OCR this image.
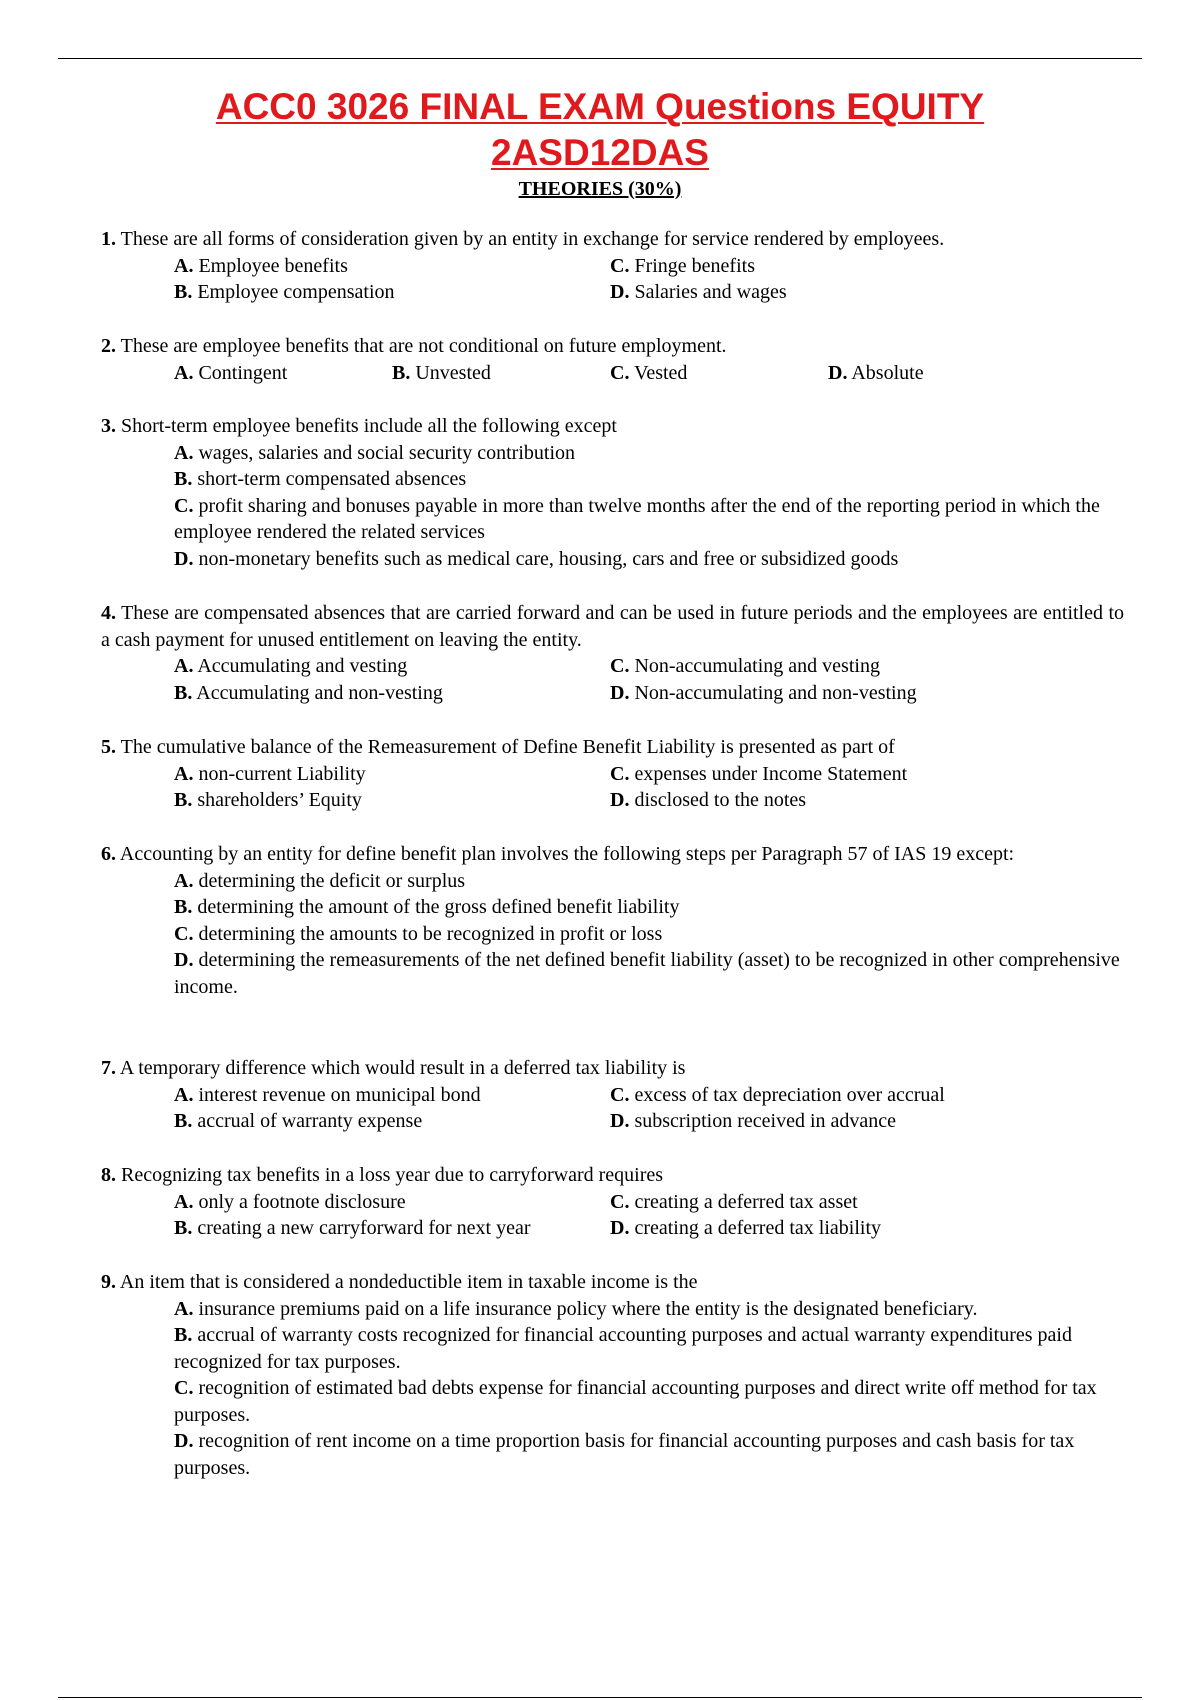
ACC0 3026 FINAL EXAM Questions EQUITY
2ASD12DAS
THEORIES (30%)
1. These are all forms of consideration given by an entity in exchange for service rendered by employees.
A. Employee benefits	C. Fringe benefits
B. Employee compensation	D. Salaries and wages
2. These are employee benefits that are not conditional on future employment.
A. Contingent	B. Unvested	C. Vested	D. Absolute
3. Short-term employee benefits include all the following except
A. wages, salaries and social security contribution
B. short-term compensated absences
C. profit sharing and bonuses payable in more than twelve months after the end of the reporting period in which the employee rendered the related services
D. non-monetary benefits such as medical care, housing, cars and free or subsidized goods
4. These are compensated absences that are carried forward and can be used in future periods and the employees are entitled to a cash payment for unused entitlement on leaving the entity.
A. Accumulating and vesting	C. Non-accumulating and vesting
B. Accumulating and non-vesting	D. Non-accumulating and non-vesting
5. The cumulative balance of the Remeasurement of Define Benefit Liability is presented as part of
A. non-current Liability	C. expenses under Income Statement
B. shareholders’ Equity	D. disclosed to the notes
6. Accounting by an entity for define benefit plan involves the following steps per Paragraph 57 of IAS 19 except:
A. determining the deficit or surplus
B. determining the amount of the gross defined benefit liability
C. determining the amounts to be recognized in profit or loss
D. determining the remeasurements of the net defined benefit liability (asset) to be recognized in other comprehensive income.
7. A temporary difference which would result in a deferred tax liability is
A. interest revenue on municipal bond	C. excess of tax depreciation over accrual
B. accrual of warranty expense	D. subscription received in advance
8. Recognizing tax benefits in a loss year due to carryforward requires
A. only a footnote disclosure	C. creating a deferred tax asset
B. creating a new carryforward for next year	D. creating a deferred tax liability
9. An item that is considered a nondeductible item in taxable income is the
A. insurance premiums paid on a life insurance policy where the entity is the designated beneficiary.
B. accrual of warranty costs recognized for financial accounting purposes and actual warranty expenditures paid recognized for tax purposes.
C. recognition of estimated bad debts expense for financial accounting purposes and direct write off method for tax purposes.
D. recognition of rent income on a time proportion basis for financial accounting purposes and cash basis for tax purposes.
